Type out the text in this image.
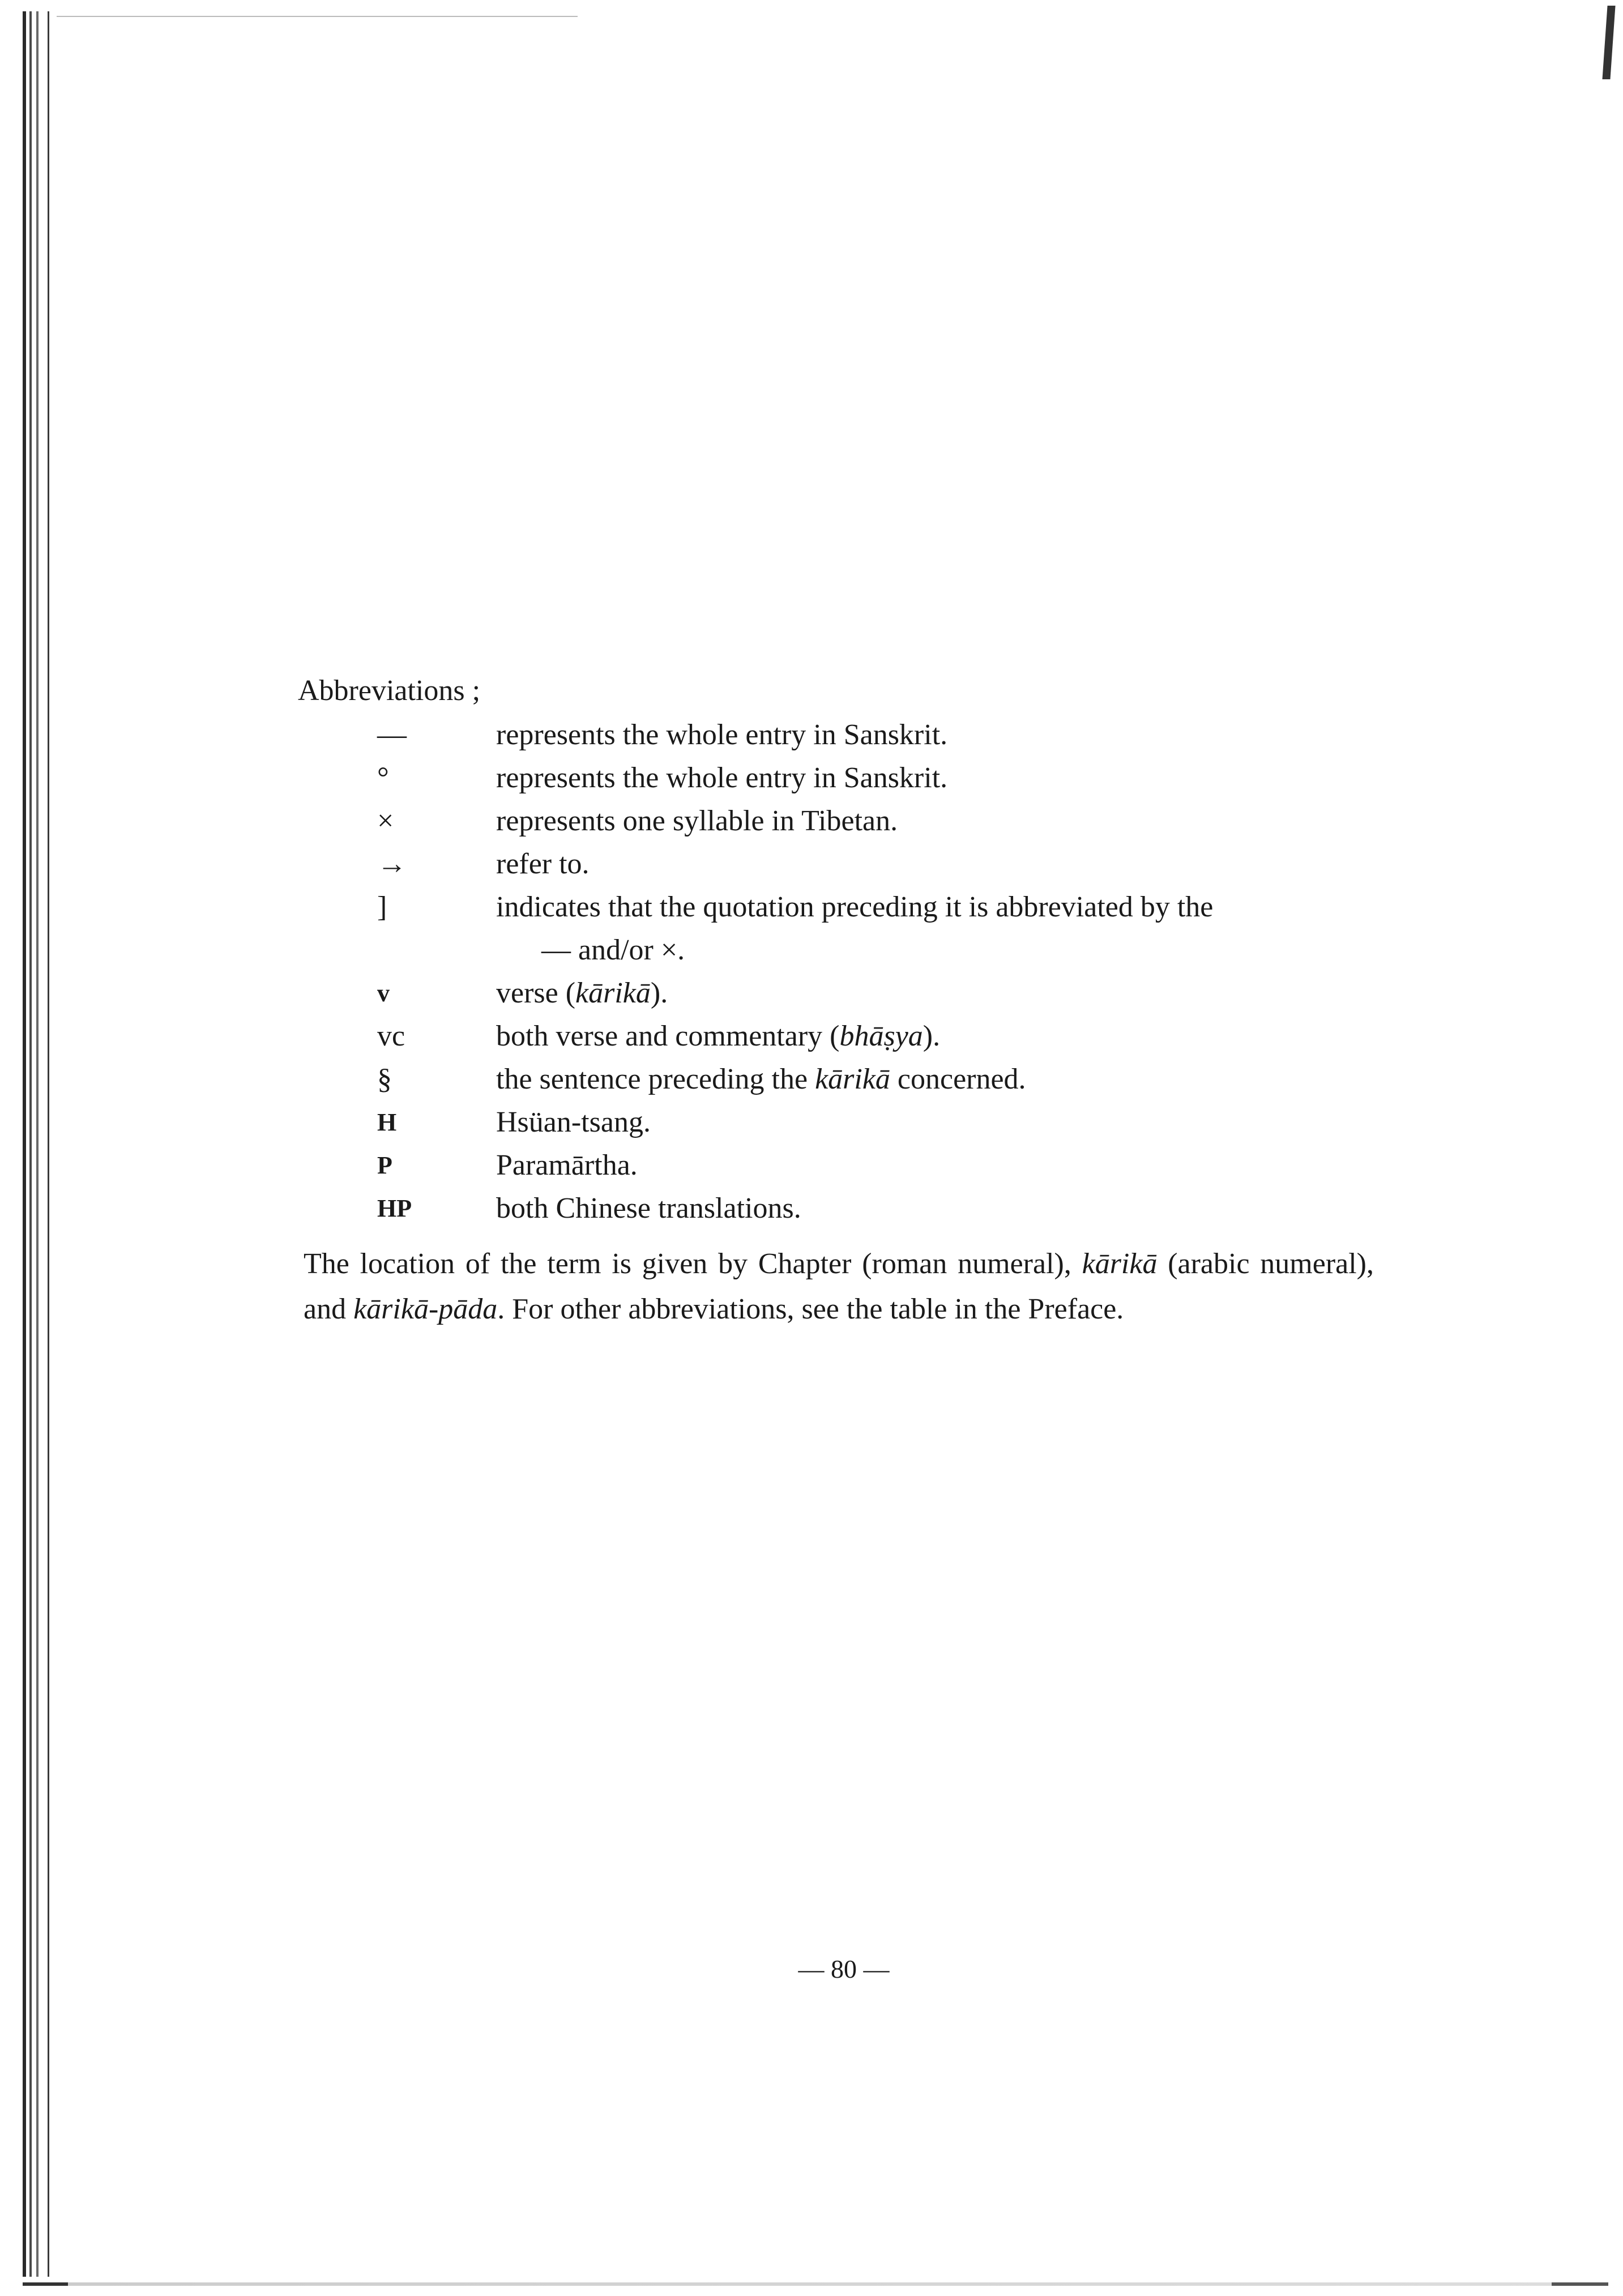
Abbreviations ;
—	represents the whole entry in Sanskrit.
°	represents the whole entry in Sanskrit.
×	represents one syllable in Tibetan.
→	refer to.
]	indicates that the quotation preceding it is abbreviated by the
— and/or ×.
v	verse (kārikā).
vc	both verse and commentary (bhāṣya).
§	the sentence preceding the kārikā concerned.
H	Hsüan-tsang.
P	Paramārtha.
HP	both Chinese translations.

The location of the term is given by Chapter (roman numeral), kārikā (arabic numeral), and kārikā-pāda. For other abbreviations, see the table in the Preface.

— 80 —
